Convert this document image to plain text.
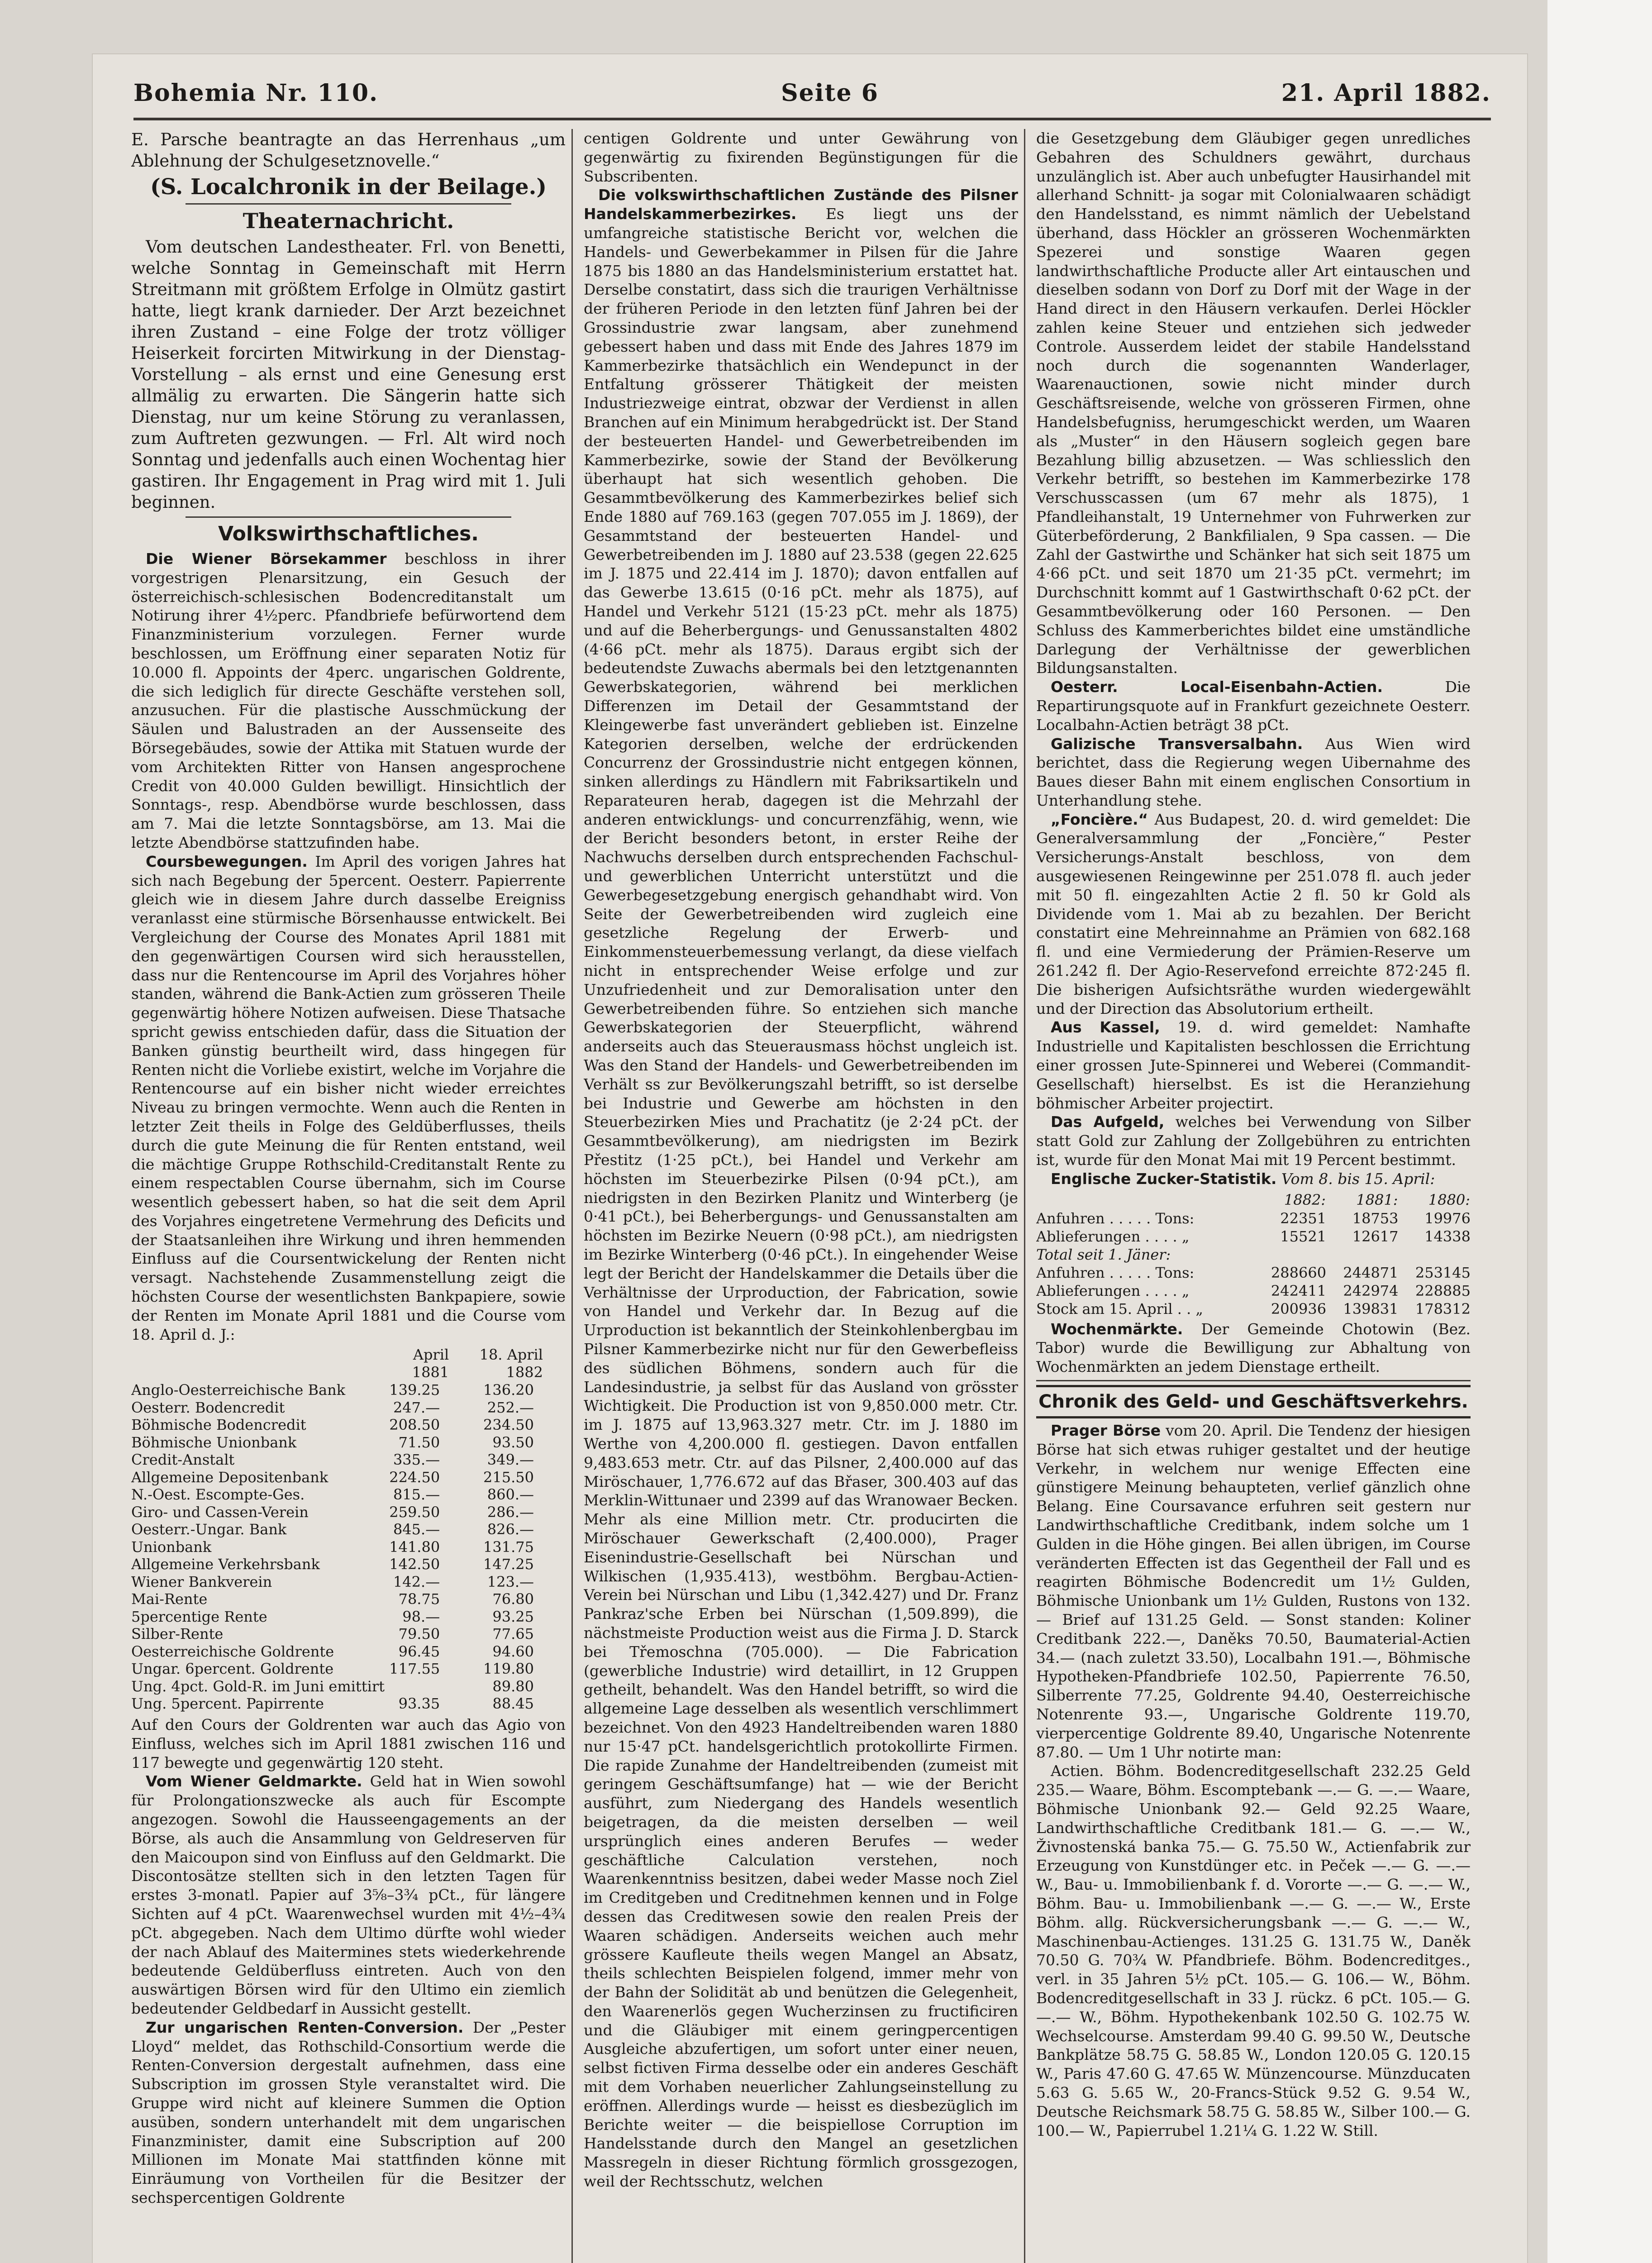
Bohemia Nr. 110.	Seite 6	21. April 1882.

E. Parsche beantragte an das Herrenhaus „um Ablehnung der Schulgesetznovelle.“

(S. Localchronik in der Beilage.)
Theaternachricht.

Vom deutschen Landestheater. Frl. von Benetti, welche Sonntag in Gemeinschaft mit Herrn Streitmann mit größtem Erfolge in Olmütz gastirt hatte, liegt krank darnieder. Der Arzt bezeichnet ihren Zustand – eine Folge der trotz völliger Heiserkeit forcirten Mitwirkung in der Dienstag-Vorstellung – als ernst und eine Genesung erst allmälig zu erwarten. Die Sängerin hatte sich Dienstag, nur um keine Störung zu veranlassen, zum Auftreten gezwungen. — Frl. Alt wird noch Sonntag und jedenfalls auch einen Wochentag hier gastiren. Ihr Engagement in Prag wird mit 1. Juli beginnen.

Volkswirthschaftliches.

Die Wiener Börsekammer beschloss in ihrer vorgestrigen Plenarsitzung, ein Gesuch der österreichisch-schlesischen Bodencreditanstalt um Notirung ihrer 4½perc. Pfandbriefe befürwortend dem Finanzministerium vorzulegen. Ferner wurde beschlossen, um Eröffnung einer separaten Notiz für 10.000 fl. Appoints der 4perc. ungarischen Goldrente, die sich lediglich für directe Geschäfte verstehen soll, anzusuchen. Für die plastische Ausschmückung der Säulen und Balustraden an der Aussenseite des Börsegebäudes, sowie der Attika mit Statuen wurde der vom Architekten Ritter von Hansen angesprochene Credit von 40.000 Gulden bewilligt. Hinsichtlich der Sonntags-, resp. Abendbörse wurde beschlossen, dass am 7. Mai die letzte Sonntagsbörse, am 13. Mai die letzte Abendbörse stattzufinden habe.

Coursbewegungen. Im April des vorigen Jahres hat sich nach Begebung der 5percent. Oesterr. Papierrente gleich wie in diesem Jahre durch dasselbe Ereigniss veranlasst eine stürmische Börsenhausse entwickelt. Bei Vergleichung der Course des Monates April 1881 mit den gegenwärtigen Coursen wird sich herausstellen, dass nur die Rentencourse im April des Vorjahres höher standen, während die Bank-Actien zum grösseren Theile gegenwärtig höhere Notizen aufweisen. Diese Thatsache spricht gewiss entschieden dafür, dass die Situation der Banken günstig beurtheilt wird, dass hingegen für Renten nicht die Vorliebe existirt, welche im Vorjahre die Rentencourse auf ein bisher nicht wieder erreichtes Niveau zu bringen vermochte. Wenn auch die Renten in letzter Zeit theils in Folge des Geldüberflusses, theils durch die gute Meinung die für Renten entstand, weil die mächtige Gruppe Rothschild-Creditanstalt Rente zu einem respectablen Course übernahm, sich im Course wesentlich gebessert haben, so hat die seit dem April des Vorjahres eingetretene Vermehrung des Deficits und der Staatsanleihen ihre Wirkung und ihren hemmenden Einfluss auf die Coursentwickelung der Renten nicht versagt. Nachstehende Zusammenstellung zeigt die höchsten Course der wesentlichsten Bankpapiere, sowie der Renten im Monate April 1881 und die Course vom 18. April d. J.:

	April 1881	18. April 1882
Anglo-Oesterreichische Bank	139.25	136.20
Oesterr. Bodencredit	247.—	252.—
Böhmische Bodencredit	208.50	234.50
Böhmische Unionbank	71.50	93.50
Credit-Anstalt	335.—	349.—
Allgemeine Depositenbank	224.50	215.50
N.-Oest. Escompte-Ges.	815.—	860.—
Giro- und Cassen-Verein	259.50	286.—
Oesterr.-Ungar. Bank	845.—	826.—
Unionbank	141.80	131.75
Allgemeine Verkehrsbank	142.50	147.25
Wiener Bankverein	142.—	123.—
Mai-Rente	78.75	76.80
5percentige Rente	98.—	93.25
Silber-Rente	79.50	77.65
Oesterreichische Goldrente	96.45	94.60
Ungar. 6percent. Goldrente	117.55	119.80
Ung. 4pct. Gold-R. im Juni emittirt		89.80
Ung. 5percent. Papirrente	93.35	88.45

Auf den Cours der Goldrenten war auch das Agio von Einfluss, welches sich im April 1881 zwischen 116 und 117 bewegte und gegenwärtig 120 steht.

Vom Wiener Geldmarkte. Geld hat in Wien sowohl für Prolongationszwecke als auch für Escompte angezogen. Sowohl die Hausseengagements an der Börse, als auch die Ansammlung von Geldreserven für den Maicoupon sind von Einfluss auf den Geldmarkt. Die Discontosätze stellten sich in den letzten Tagen für erstes 3-monatl. Papier auf 3⅝–3¾ pCt., für längere Sichten auf 4 pCt. Waarenwechsel wurden mit 4½–4¾ pCt. abgegeben. Nach dem Ultimo dürfte wohl wieder der nach Ablauf des Maitermines stets wiederkehrende bedeutende Geldüberfluss eintreten. Auch von den auswärtigen Börsen wird für den Ultimo ein ziemlich bedeutender Geldbedarf in Aussicht gestellt.

Zur ungarischen Renten-Conversion. Der „Pester Lloyd“ meldet, das Rothschild-Consortium werde die Renten-Conversion dergestalt aufnehmen, dass eine Subscription im grossen Style veranstaltet wird. Die Gruppe wird nicht auf kleinere Summen die Option ausüben, sondern unterhandelt mit dem ungarischen Finanzminister, damit eine Subscription auf 200 Millionen im Monate Mai stattfinden könne mit Einräumung von Vortheilen für die Besitzer der sechspercentigen Goldrente

centigen Goldrente und unter Gewährung von gegenwärtig zu fixirenden Begünstigungen für die Subscribenten.

Die volkswirthschaftlichen Zustände des Pilsner Handelskammerbezirkes. Es liegt uns der umfangreiche statistische Bericht vor, welchen die Handels- und Gewerbekammer in Pilsen für die Jahre 1875 bis 1880 an das Handelsministerium erstattet hat. Derselbe constatirt, dass sich die traurigen Verhältnisse der früheren Periode in den letzten fünf Jahren bei der Grossindustrie zwar langsam, aber zunehmend gebessert haben und dass mit Ende des Jahres 1879 im Kammerbezirke thatsächlich ein Wendepunct in der Entfaltung grösserer Thätigkeit der meisten Industriezweige eintrat, obzwar der Verdienst in allen Branchen auf ein Minimum herabgedrückt ist. Der Stand der besteuerten Handel- und Gewerbetreibenden im Kammerbezirke, sowie der Stand der Bevölkerung überhaupt hat sich wesentlich gehoben. Die Gesammtbevölkerung des Kammerbezirkes belief sich Ende 1880 auf 769.163 (gegen 707.055 im J. 1869), der Gesammtstand der besteuerten Handel- und Gewerbetreibenden im J. 1880 auf 23.538 (gegen 22.625 im J. 1875 und 22.414 im J. 1870); davon entfallen auf das Gewerbe 13.615 (0·16 pCt. mehr als 1875), auf Handel und Verkehr 5121 (15·23 pCt. mehr als 1875) und auf die Beherbergungs- und Genussanstalten 4802 (4·66 pCt. mehr als 1875). Daraus ergibt sich der bedeutendste Zuwachs abermals bei den letztgenannten Gewerbskategorien, während bei merklichen Differenzen im Detail der Gesammtstand der Kleingewerbe fast unverändert geblieben ist. Einzelne Kategorien derselben, welche der erdrückenden Concurrenz der Grossindustrie nicht entgegen können, sinken allerdings zu Händlern mit Fabriksartikeln und Reparateuren herab, dagegen ist die Mehrzahl der anderen entwicklungs- und concurrenzfähig, wenn, wie der Bericht besonders betont, in erster Reihe der Nachwuchs derselben durch entsprechenden Fachschul- und gewerblichen Unterricht unterstützt und die Gewerbegesetzgebung energisch gehandhabt wird. Von Seite der Gewerbetreibenden wird zugleich eine gesetzliche Regelung der Erwerb- und Einkommensteuerbemessung verlangt, da diese vielfach nicht in entsprechender Weise erfolge und zur Unzufriedenheit und zur Demoralisation unter den Gewerbetreibenden führe. So entziehen sich manche Gewerbskategorien der Steuerpflicht, während anderseits auch das Steuerausmass höchst ungleich ist. Was den Stand der Handels- und Gewerbetreibenden im Verhält ss zur Bevölkerungszahl betrifft, so ist derselbe bei Industrie und Gewerbe am höchsten in den Steuerbezirken Mies und Prachatitz (je 2·24 pCt. der Gesammtbevölkerung), am niedrigsten im Bezirk Přestitz (1·25 pCt.), bei Handel und Verkehr am höchsten im Steuerbezirke Pilsen (0·94 pCt.), am niedrigsten in den Bezirken Planitz und Winterberg (je 0·41 pCt.), bei Beherbergungs- und Genussanstalten am höchsten im Bezirke Neuern (0·98 pCt.), am niedrigsten im Bezirke Winterberg (0·46 pCt.). In eingehender Weise legt der Bericht der Handelskammer die Details über die Verhältnisse der Urproduction, der Fabrication, sowie von Handel und Verkehr dar. In Bezug auf die Urproduction ist bekanntlich der Steinkohlenbergbau im Pilsner Kammerbezirke nicht nur für den Gewerbefleiss des südlichen Böhmens, sondern auch für die Landesindustrie, ja selbst für das Ausland von grösster Wichtigkeit. Die Production ist von 9,850.000 metr. Ctr. im J. 1875 auf 13,963.327 metr. Ctr. im J. 1880 im Werthe von 4,200.000 fl. gestiegen. Davon entfallen 9,483.653 metr. Ctr. auf das Pilsner, 2,400.000 auf das Miröschauer, 1,776.672 auf das Břaser, 300.403 auf das Merklin-Wittunaer und 2399 auf das Wranowaer Becken. Mehr als eine Million metr. Ctr. producirten die Miröschauer Gewerkschaft (2,400.000), Prager Eisenindustrie-Gesellschaft bei Nürschan und Wilkischen (1,935.413), westböhm. Bergbau-Actien-Verein bei Nürschan und Libu (1,342.427) und Dr. Franz Pankraz'sche Erben bei Nürschan (1,509.899), die nächstmeiste Production weist aus die Firma J. D. Starck bei Třemoschna (705.000). — Die Fabrication (gewerbliche Industrie) wird detaillirt, in 12 Gruppen getheilt, behandelt. Was den Handel betrifft, so wird die allgemeine Lage desselben als wesentlich verschlimmert bezeichnet. Von den 4923 Handeltreibenden waren 1880 nur 15·47 pCt. handelsgerichtlich protokollirte Firmen. Die rapide Zunahme der Handeltreibenden (zumeist mit geringem Geschäftsumfange) hat — wie der Bericht ausführt, zum Niedergang des Handels wesentlich beigetragen, da die meisten derselben — weil ursprünglich eines anderen Berufes — weder geschäftliche Calculation verstehen, noch Waarenkenntniss besitzen, dabei weder Masse noch Ziel im Creditgeben und Creditnehmen kennen und in Folge dessen das Creditwesen sowie den realen Preis der Waaren schädigen. Anderseits weichen auch mehr grössere Kaufleute theils wegen Mangel an Absatz, theils schlechten Beispielen folgend, immer mehr von der Bahn der Solidität ab und benützen die Gelegenheit, den Waarenerlös gegen Wucherzinsen zu fructificiren und die Gläubiger mit einem geringpercentigen Ausgleiche abzufertigen, um sofort unter einer neuen, selbst fictiven Firma desselbe oder ein anderes Geschäft mit dem Vorhaben neuerlicher Zahlungseinstellung zu eröffnen. Allerdings wurde — heisst es diesbezüglich im Berichte weiter — die beispiellose Corruption im Handelsstande durch den Mangel an gesetzlichen Massregeln in dieser Richtung förmlich grossgezogen, weil der Rechtsschutz, welchen

die Gesetzgebung dem Gläubiger gegen unredliches Gebahren des Schuldners gewährt, durchaus unzulänglich ist. Aber auch unbefugter Hausirhandel mit allerhand Schnitt- ja sogar mit Colonialwaaren schädigt den Handelsstand, es nimmt nämlich der Uebelstand überhand, dass Höckler an grösseren Wochenmärkten Spezerei und sonstige Waaren gegen landwirthschaftliche Producte aller Art eintauschen und dieselben sodann von Dorf zu Dorf mit der Wage in der Hand direct in den Häusern verkaufen. Derlei Höckler zahlen keine Steuer und entziehen sich jedweder Controle. Ausserdem leidet der stabile Handelsstand noch durch die sogenannten Wanderlager, Waarenauctionen, sowie nicht minder durch Geschäftsreisende, welche von grösseren Firmen, ohne Handelsbefugniss, herumgeschickt werden, um Waaren als „Muster“ in den Häusern sogleich gegen bare Bezahlung billig abzusetzen. — Was schliesslich den Verkehr betrifft, so bestehen im Kammerbezirke 178 Verschusscassen (um 67 mehr als 1875), 1 Pfandleihanstalt, 19 Unternehmer von Fuhrwerken zur Güterbeförderung, 2 Bankfilialen, 9 Spa cassen. — Die Zahl der Gastwirthe und Schänker hat sich seit 1875 um 4·66 pCt. und seit 1870 um 21·35 pCt. vermehrt; im Durchschnitt kommt auf 1 Gastwirthschaft 0·62 pCt. der Gesammtbevölkerung oder 160 Personen. — Den Schluss des Kammerberichtes bildet eine umständliche Darlegung der Verhältnisse der gewerblichen Bildungsanstalten.

Oesterr. Local-Eisenbahn-Actien.	Die Repartirungsquote auf in Frankfurt gezeichnete Oesterr. Localbahn-Actien beträgt 38 pCt.

Galizische Transversalbahn. Aus Wien wird berichtet, dass die Regierung wegen Uibernahme des Baues dieser Bahn mit einem englischen Consortium in Unterhandlung stehe.

„Foncière.“ Aus Budapest, 20. d. wird gemeldet: Die Generalversammlung der „Foncière,“ Pester Versicherungs-Anstalt beschloss, von dem ausgewiesenen Reingewinne per 251.078 fl. auch jeder mit 50 fl. eingezahlten Actie 2 fl. 50 kr Gold als Dividende vom 1. Mai ab zu bezahlen. Der Bericht constatirt eine Mehreinnahme an Prämien von 682.168 fl. und eine Vermiederung der Prämien-Reserve um 261.242 fl. Der Agio-Reservefond erreichte 872·245 fl. Die bisherigen Aufsichtsräthe wurden wiedergewählt und der Direction das Absolutorium ertheilt.

Aus Kassel, 19. d. wird gemeldet: Namhafte Industrielle und Kapitalisten beschlossen die Errichtung einer grossen Jute-Spinnerei und Weberei (Commandit-Gesellschaft) hierselbst. Es ist die Heranziehung böhmischer Arbeiter projectirt.

Das Aufgeld, welches bei Verwendung von Silber statt Gold zur Zahlung der Zollgebühren zu entrichten ist, wurde für den Monat Mai mit 19 Percent bestimmt.

Englische Zucker-Statistik. Vom 8. bis 15. April:

	1882:	1881:	1880:
Anfuhren . . . . . Tons:	22351	18753	19976
Ablieferungen . . . . „	15521	12617	14338
Total seit 1. Jäner:			
Anfuhren . . . . . Tons:	288660	244871	253145
Ablieferungen . . . . „	242411	242974	228885
Stock am 15. April . . „	200936	139831	178312

Wochenmärkte. Der Gemeinde Chotowin (Bez. Tabor) wurde die Bewilligung zur Abhaltung von Wochenmärkten an jedem Dienstage ertheilt.

Chronik des Geld- und Geschäftsverkehrs.

Prager Börse vom 20. April. Die Tendenz der hiesigen Börse hat sich etwas ruhiger gestaltet und der heutige Verkehr, in welchem nur wenige Effecten eine günstigere Meinung behaupteten, verlief gänzlich ohne Belang. Eine Coursavance erfuhren seit gestern nur Landwirthschaftliche Creditbank, indem solche um 1 Gulden in die Höhe gingen. Bei allen übrigen, im Course veränderten Effecten ist das Gegentheil der Fall und es reagirten Böhmische Bodencredit um 1½ Gulden, Böhmische Unionbank um 1½ Gulden, Rustons von 132.— Brief auf 131.25 Geld. — Sonst standen: Koliner Creditbank 222.—, Daněks 70.50, Baumaterial-Actien 34.— (nach zuletzt 33.50), Localbahn 191.—, Böhmische Hypotheken-Pfandbriefe 102.50, Papierrente 76.50, Silberrente 77.25, Goldrente 94.40, Oesterreichische Notenrente 93.—, Ungarische Goldrente 119.70, vierpercentige Goldrente 89.40, Ungarische Notenrente 87.80. — Um 1 Uhr notirte man:

Actien. Böhm. Bodencreditgesellschaft 232.25 Geld 235.— Waare, Böhm. Escomptebank —.— G. —.— Waare, Böhmische Unionbank 92.— Geld 92.25 Waare, Landwirthschaftliche Creditbank 181.— G. —.— W., Živnostenská banka 75.— G. 75.50 W., Actienfabrik zur Erzeugung von Kunstdünger etc. in Peček —.— G. —.— W., Bau- u. Immobilienbank f. d. Vororte —.— G. —.— W., Böhm. Bau- u. Immobilienbank —.— G. —.— W., Erste Böhm. allg. Rückversicherungsbank —.— G. —.— W., Maschinenbau-Actienges. 131.25 G. 131.75 W., Daněk 70.50 G. 70¾ W. Pfandbriefe. Böhm. Bodencreditges., verl. in 35 Jahren 5½ pCt. 105.— G. 106.— W., Böhm. Bodencreditgesellschaft in 33 J. rückz. 6 pCt. 105.— G. —.— W., Böhm. Hypothekenbank 102.50 G. 102.75 W. Wechselcourse. Amsterdam 99.40 G. 99.50 W., Deutsche Bankplätze 58.75 G. 58.85 W., London 120.05 G. 120.15 W., Paris 47.60 G. 47.65 W. Münzencourse. Münzducaten 5.63 G. 5.65 W., 20-Francs-Stück 9.52 G. 9.54 W., Deutsche Reichsmark 58.75 G. 58.85 W., Silber 100.— G. 100.— W., Papierrubel 1.21¼ G. 1.22 W. Still.
